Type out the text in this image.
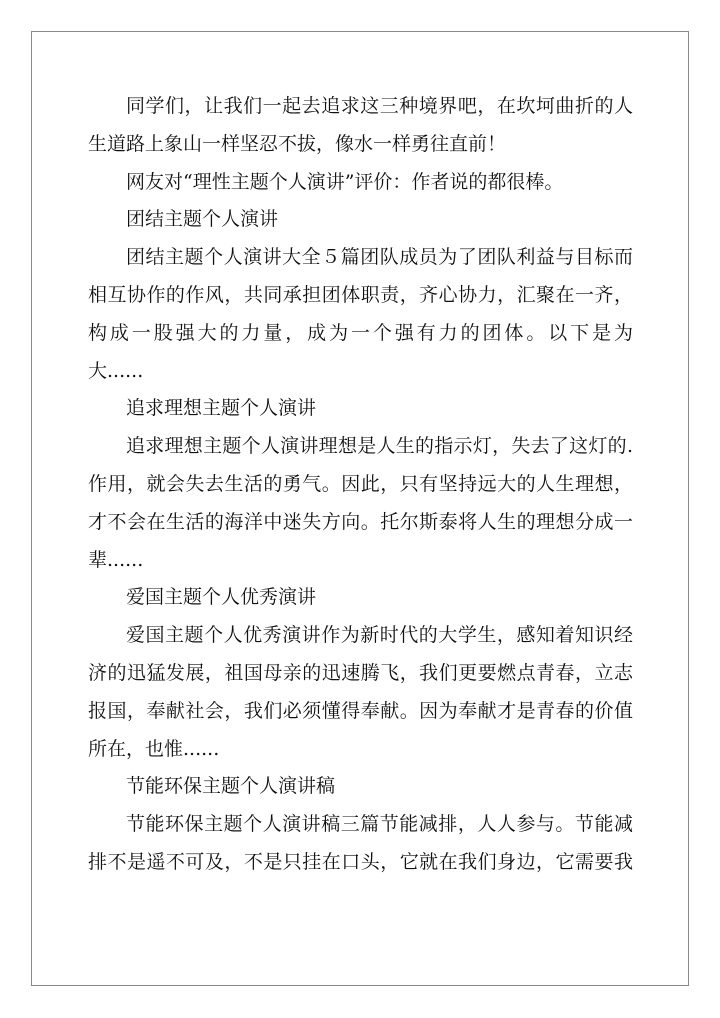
同学们，让我们一起去追求这三种境界吧，在坎坷曲折的人
生道路上象山一样坚忍不拔，像水一样勇往直前！
网友对“理性主题个人演讲”评价：作者说的都很棒。
团结主题个人演讲
团结主题个人演讲大全５篇团队成员为了团队利益与目标而
相互协作的作风，共同承担团体职责，齐心协力，汇聚在一齐，
构成一股强大的力量，成为一个强有力的团体。以下是为
大......
追求理想主题个人演讲
追求理想主题个人演讲理想是人生的指示灯，失去了这灯的.
作用，就会失去生活的勇气。因此，只有坚持远大的人生理想，
才不会在生活的海洋中迷失方向。托尔斯泰将人生的理想分成一
辈......
爱国主题个人优秀演讲
爱国主题个人优秀演讲作为新时代的大学生，感知着知识经
济的迅猛发展，祖国母亲的迅速腾飞，我们更要燃点青春，立志
报国，奉献社会，我们必须懂得奉献。因为奉献才是青春的价值
所在，也惟......
节能环保主题个人演讲稿
节能环保主题个人演讲稿三篇节能减排，人人参与。节能减
排不是遥不可及，不是只挂在口头，它就在我们身边，它需要我
